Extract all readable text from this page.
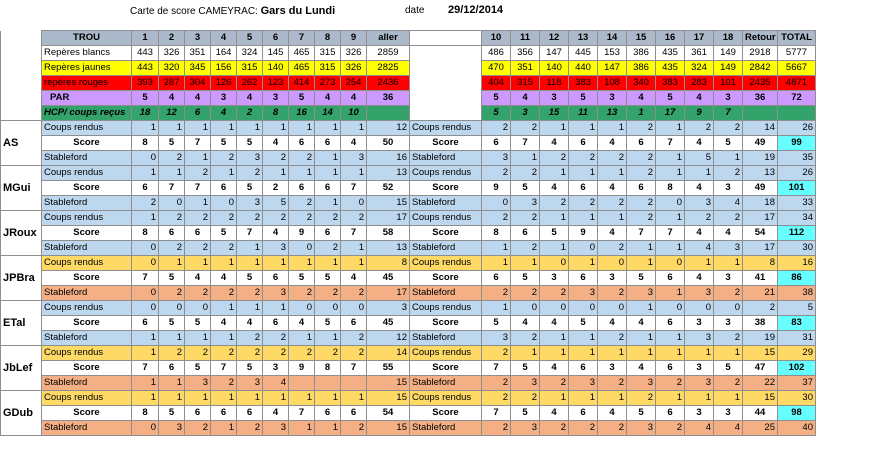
Carte de score CAMEYRAC: Gars du Lundi	date 29/12/2014
	TROU	1	2	3	4	5	6	7	8	9	aller		10	11	12	13	14	15	16	17	18	Retour	TOTAL
	Repères blancs	443	326	351	164	324	145	465	315	326	2859		486	356	147	445	153	386	435	361	149	2918	5777
	Repères jaunes	443	320	345	156	315	140	465	315	326	2825		470	351	140	440	147	386	435	324	149	2842	5667
	repères rouges	393	287	304	126	262	123	414	273	254	2436		404	315	118	383	108	340	383	283	101	2435	4871
	PAR	5	4	4	3	4	3	5	4	4	36		5	4	3	5	3	4	5	4	3	36	72
	HCP/ coups reçus	18	12	6	4	2	8	16	14	10			5	3	15	11	13	1	17	9	7		
AS	Coups rendus	1	1	1	1	1	1	1	1	1	12	Coups rendus	2	2	1	1	1	2	1	2	2	14	26
	Score	8	5	7	5	5	4	6	6	4	50	Score	6	7	4	6	4	6	7	4	5	49	99
	Stableford	0	2	1	2	3	2	2	1	3	16	Stableford	3	1	2	2	2	2	1	5	1	19	35
MGui	Coups rendus	1	1	2	1	2	1	1	1	1	13	Coups rendus	2	2	1	1	1	2	1	1	2	13	26
	Score	6	7	7	6	5	2	6	6	7	52	Score	9	5	4	6	4	6	8	4	3	49	101
	Stableford	2	0	1	0	3	5	2	1	0	15	Stableford	0	3	2	2	2	2	0	3	4	18	33
JRoux	Coups rendus	1	2	2	2	2	2	2	2	2	17	Coups rendus	2	2	1	1	1	2	1	2	2	17	34
	Score	8	6	6	5	7	4	9	6	7	58	Score	8	6	5	9	4	7	7	4	4	54	112
	Stableford	0	2	2	2	1	3	0	2	1	13	Stableford	1	2	1	0	2	1	1	4	3	17	30
JPBra	Coups rendus	0	1	1	1	1	1	1	1	1	8	Coups rendus	1	1	0	1	0	1	0	1	1	8	16
	Score	7	5	4	4	5	6	5	5	4	45	Score	6	5	3	6	3	5	6	4	3	41	86
	Stableford	0	2	2	2	2	3	2	2	2	17	Stableford	2	2	2	3	2	3	1	3	2	21	38
ETal	Coups rendus	0	0	0	1	1	1	0	0	0	3	Coups rendus	1	0	0	0	0	1	0	0	0	2	5
	Score	6	5	5	4	4	6	4	5	6	45	Score	5	4	4	5	4	4	6	3	3	38	83
	Stableford	1	1	1	1	2	2	1	1	2	12	Stableford	3	2	1	1	2	1	1	3	2	19	31
JbLef	Coups rendus	1	2	2	2	2	2	2	2	2	14	Coups rendus	2	1	1	1	1	1	1	1	1	15	29
	Score	7	6	5	7	5	3	9	8	7	55	Score	7	5	4	6	3	4	6	3	5	47	102
	Stableford	1	1	3	2	3	4				15	Stableford	2	3	2	3	2	3	2	3	2	22	37
GDub	Coups rendus	1	1	1	1	1	1	1	1	1	15	Coups rendus	2	2	1	1	1	2	1	1	1	15	30
	Score	8	5	6	6	6	4	7	6	6	54	Score	7	5	4	6	4	5	6	3	3	44	98
	Stableford	0	3	2	1	2	3	1	1	2	15	Stableford	2	3	2	2	2	3	2	4	4	25	40
